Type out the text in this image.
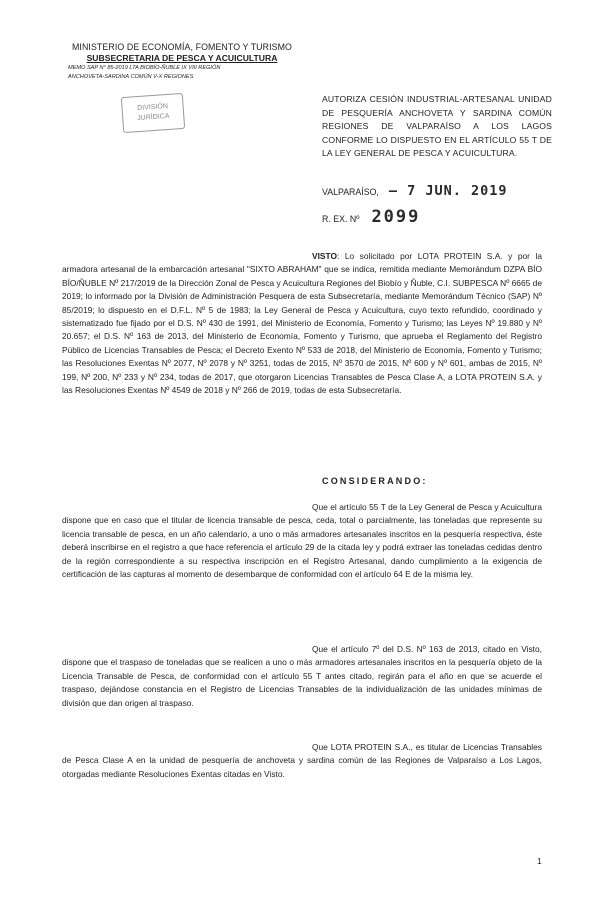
MINISTERIO DE ECONOMÍA, FOMENTO Y TURISMO
SUBSECRETARIA DE PESCA Y ACUICULTURA
MEMO SAP N° 85-2019 LTA BIOBÍO-ÑUBLE IX VIII REGIÓN
ANCHOVETA-SARDINA COMÚN V-X REGIONES
DIVISIÓN
JURÍDICA
AUTORIZA CESIÓN INDUSTRIAL-ARTESANAL UNIDAD DE PESQUERÍA ANCHOVETA Y SARDINA COMÚN REGIONES DE VALPARAÍSO A LOS LAGOS CONFORME LO DISPUESTO EN EL ARTÍCULO 55 T DE LA LEY GENERAL DE PESCA Y ACUICULTURA.
VALPARAÍSO, – 7 JUN. 2019
R. EX. Nº 2099
VISTO: Lo solicitado por LOTA PROTEIN S.A. y por la armadora artesanal de la embarcación artesanal "SIXTO ABRAHAM" que se indica, remitida mediante Memorándum DZPA BÍO BÍO/ÑUBLE Nº 217/2019 de la Dirección Zonal de Pesca y Acuicultura Regiones del Biobío y Ñuble, C.I. SUBPESCA Nº 6665 de 2019; lo informado por la División de Administración Pesquera de esta Subsecretaría, mediante Memorándum Técnico (SAP) Nº 85/2019; lo dispuesto en el D.F.L. Nº 5 de 1983; la Ley General de Pesca y Acuicultura, cuyo texto refundido, coordinado y sistematizado fue fijado por el D.S. Nº 430 de 1991, del Ministerio de Economía, Fomento y Turismo; las Leyes Nº 19.880 y Nº 20.657; el D.S. Nº 163 de 2013, del Ministerio de Economía, Fomento y Turismo, que aprueba el Reglamento del Registro Público de Licencias Transables de Pesca; el Decreto Exento Nº 533 de 2018, del Ministerio de Economía, Fomento y Turismo; las Resoluciones Exentas Nº 2077, Nº 2078 y Nº 3251, todas de 2015, Nº 3570 de 2015, Nº 600 y Nº 601, ambas de 2015, Nº 199, Nº 200, Nº 233 y Nº 234, todas de 2017, que otorgaron Licencias Transables de Pesca Clase A, a LOTA PROTEIN S.A. y las Resoluciones Exentas Nº 4549 de 2018 y Nº 266 de 2019, todas de esta Subsecretaría.
CONSIDERANDO:
Que el artículo 55 T de la Ley General de Pesca y Acuicultura dispone que en caso que el titular de licencia transable de pesca, ceda, total o parcialmente, las toneladas que represente su licencia transable de pesca, en un año calendario, a uno o más armadores artesanales inscritos en la pesquería respectiva, éste deberá inscribirse en el registro a que hace referencia el artículo 29 de la citada ley y podrá extraer las toneladas cedidas dentro de la región correspondiente a su respectiva inscripción en el Registro Artesanal, dando cumplimiento a la exigencia de certificación de las capturas al momento de desembarque de conformidad con el artículo 64 E de la misma ley.
Que el artículo 7º del D.S. Nº 163 de 2013, citado en Visto, dispone que el traspaso de toneladas que se realicen a uno o más armadores artesanales inscritos en la pesquería objeto de la Licencia Transable de Pesca, de conformidad con el artículo 55 T antes citado, regirán para el año en que se acuerde el traspaso, dejándose constancia en el Registro de Licencias Transables de la individualización de las unidades mínimas de división que dan origen al traspaso.
Que LOTA PROTEIN S.A., es titular de Licencias Transables de Pesca Clase A en la unidad de pesquería de anchoveta y sardina común de las Regiones de Valparaíso a Los Lagos, otorgadas mediante Resoluciones Exentas citadas en Visto.
1
